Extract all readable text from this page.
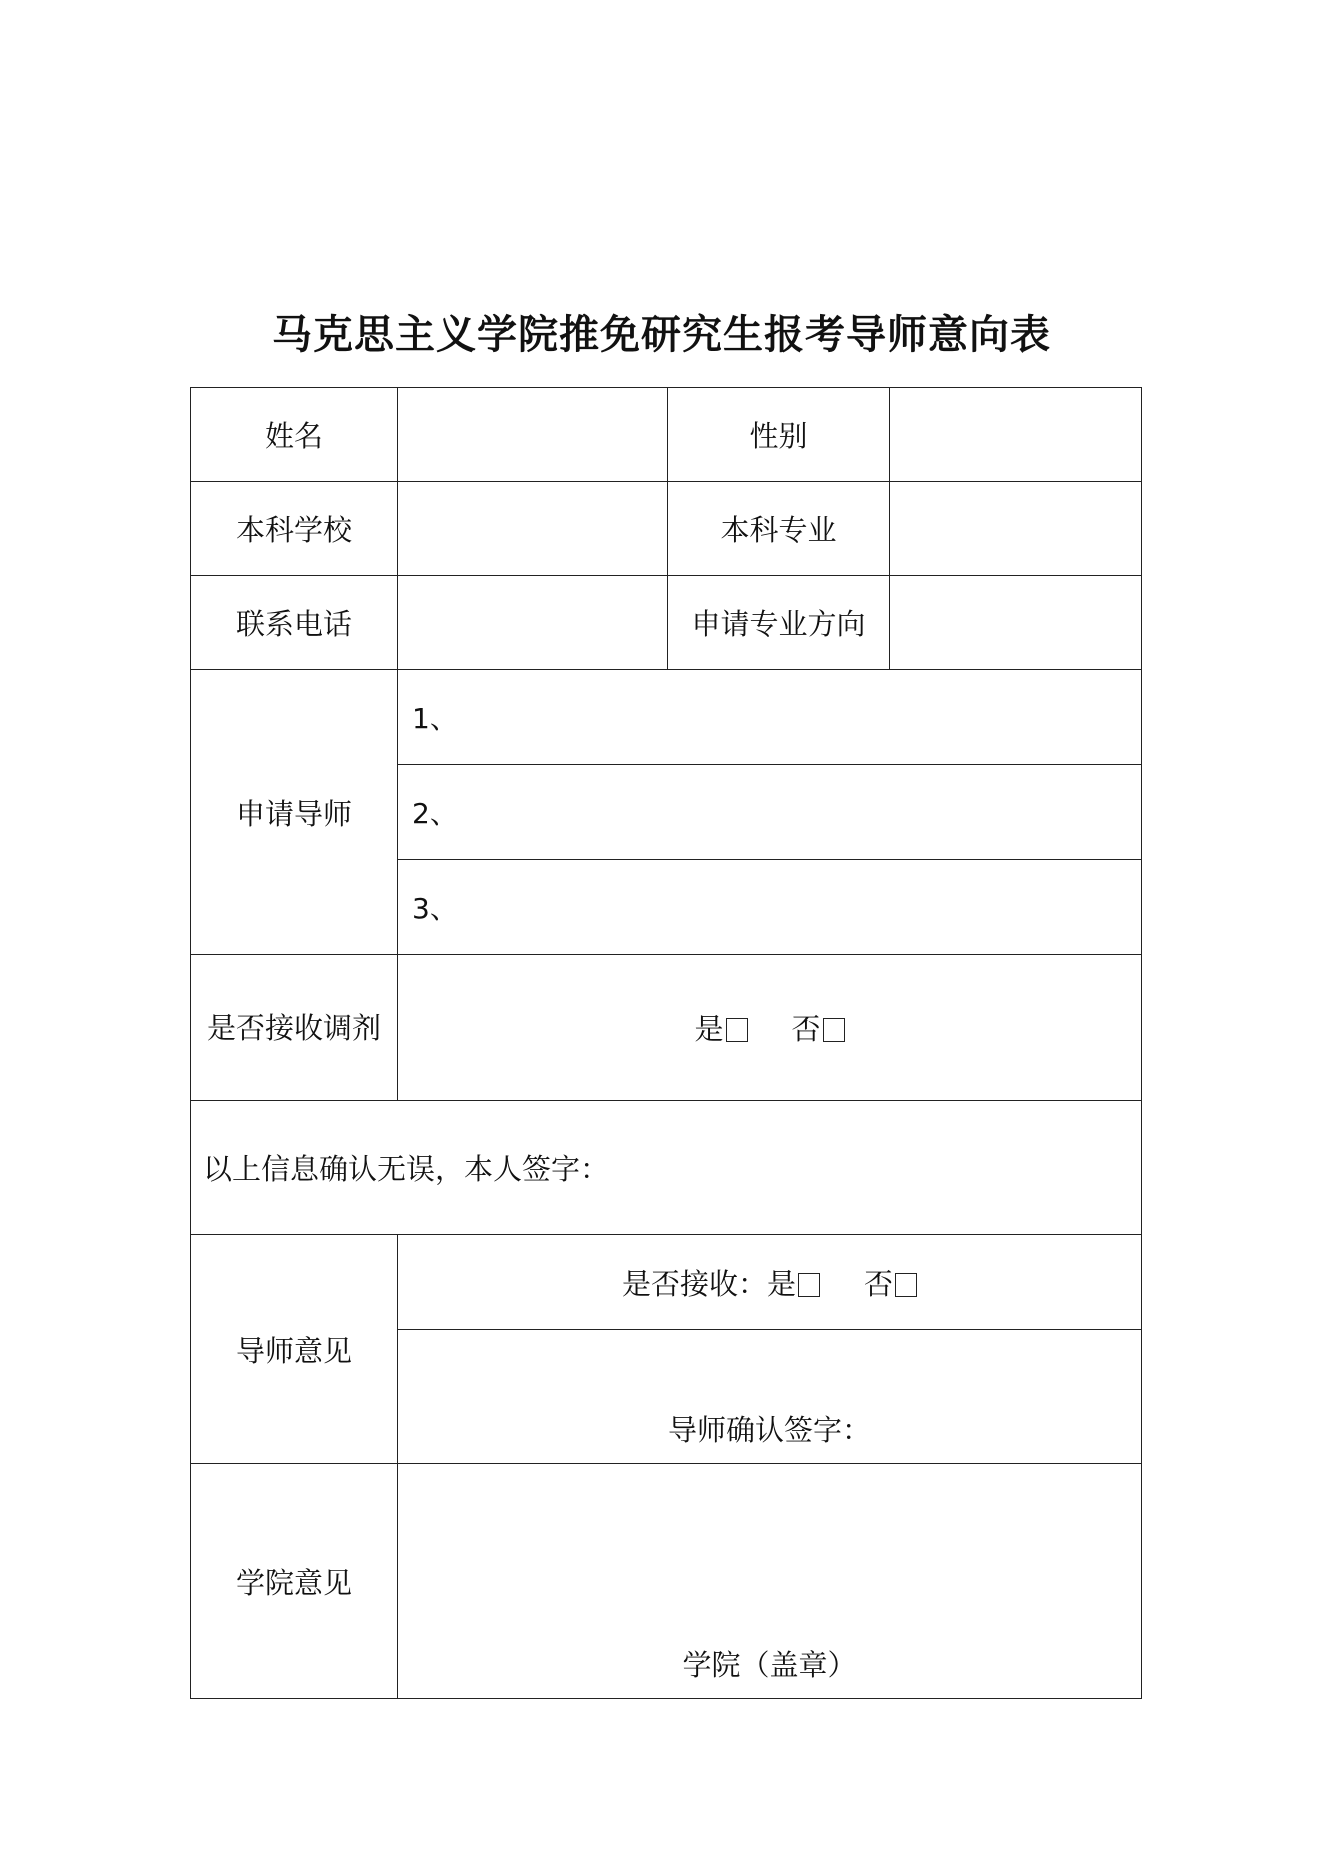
马克思主义学院推免研究生报考导师意向表
姓名		性别	
本科学校		本科专业	
联系电话		申请专业方向	
申请导师	1、		
	2、		
	3、		
是否接收调剂	是 否		
以上信息确认无误，本人签字：			
导师意见	是否接收：是 否		
	导师确认签字：		
学院意见	学院（盖章）		
